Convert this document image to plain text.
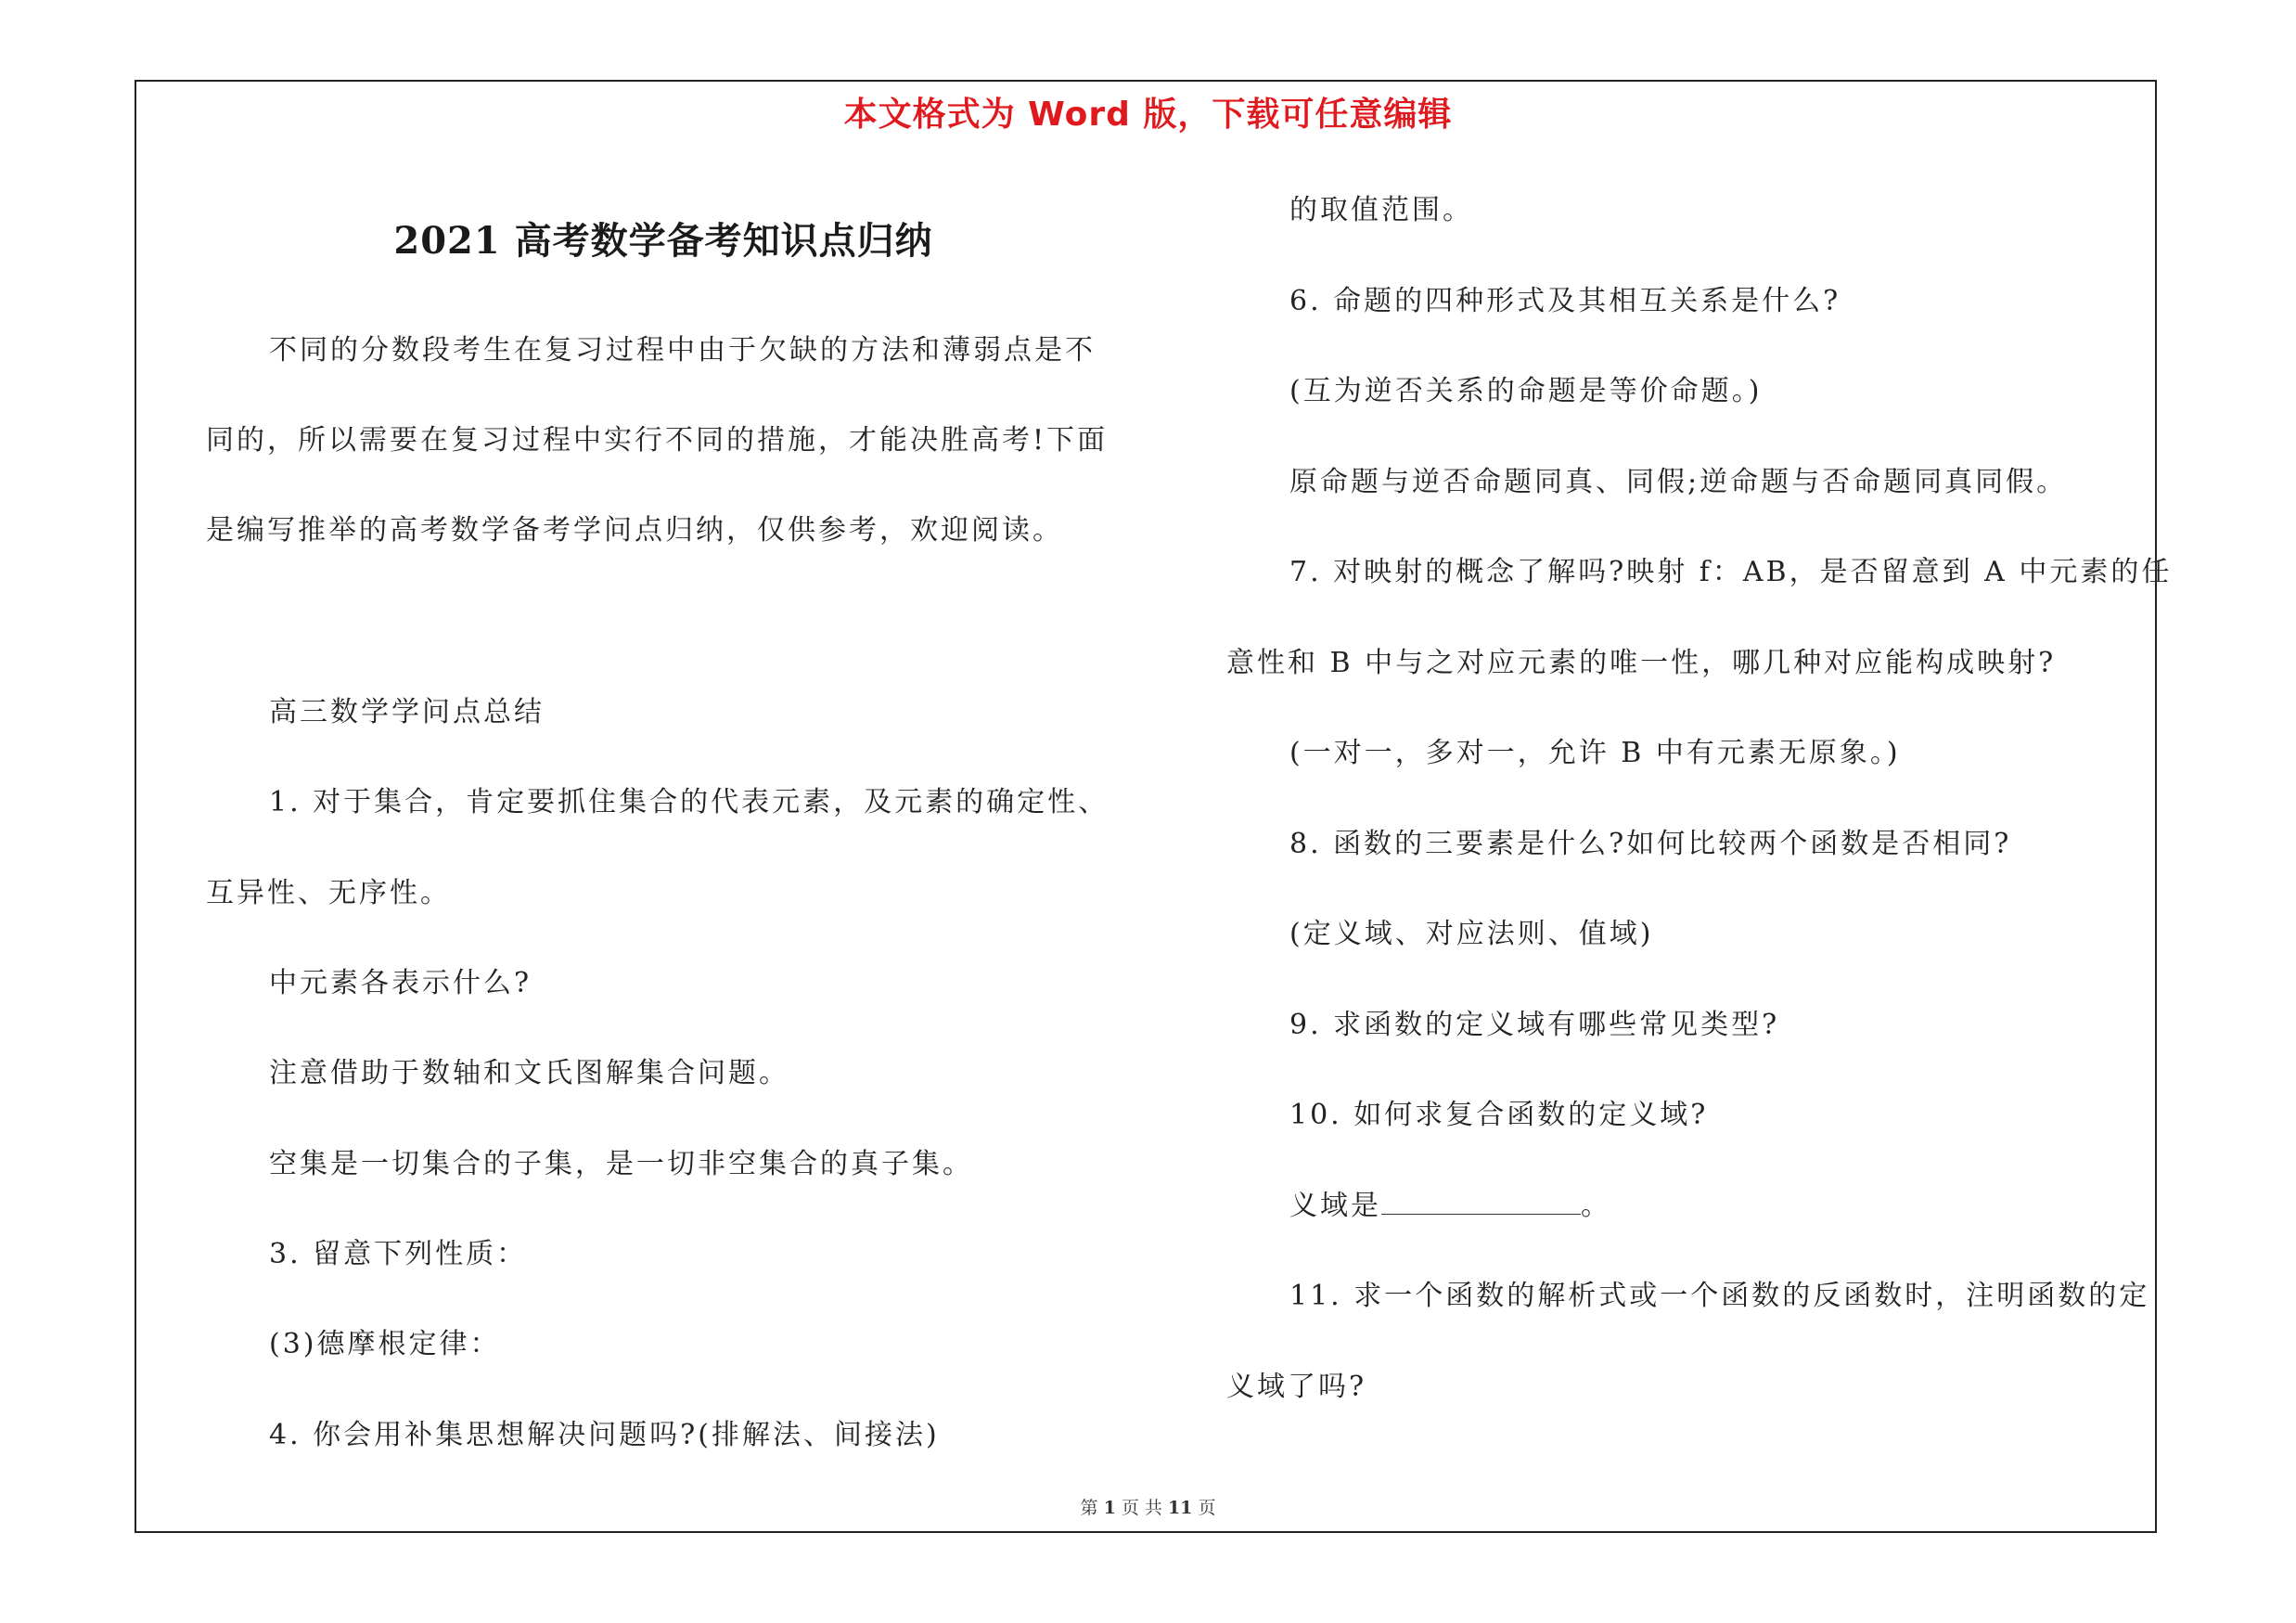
本文格式为 Word 版，下载可任意编辑
2021 高考数学备考知识点归纳
不同的分数段考生在复习过程中由于欠缺的方法和薄弱点是不
同的，所以需要在复习过程中实行不同的措施，才能决胜高考!下面
是编写推举的高考数学备考学问点归纳，仅供参考，欢迎阅读。
高三数学学问点总结
1. 对于集合，肯定要抓住集合的代表元素，及元素的确定性、
互异性、无序性。
中元素各表示什么?
注意借助于数轴和文氏图解集合问题。
空集是一切集合的子集，是一切非空集合的真子集。
3. 留意下列性质：
(3)德摩根定律：
4. 你会用补集思想解决问题吗?(排解法、间接法)
的取值范围。
6. 命题的四种形式及其相互关系是什么?
(互为逆否关系的命题是等价命题。)
原命题与逆否命题同真、同假;逆命题与否命题同真同假。
7. 对映射的概念了解吗?映射 f：AB，是否留意到 A 中元素的任
意性和 B 中与之对应元素的唯一性，哪几种对应能构成映射?
(一对一，多对一，允许 B 中有元素无原象。)
8. 函数的三要素是什么?如何比较两个函数是否相同?
(定义域、对应法则、值域)
9. 求函数的定义域有哪些常见类型?
10. 如何求复合函数的定义域?
义域是	。
11. 求一个函数的解析式或一个函数的反函数时，注明函数的定
义域了吗?
第 1 页 共 11 页
